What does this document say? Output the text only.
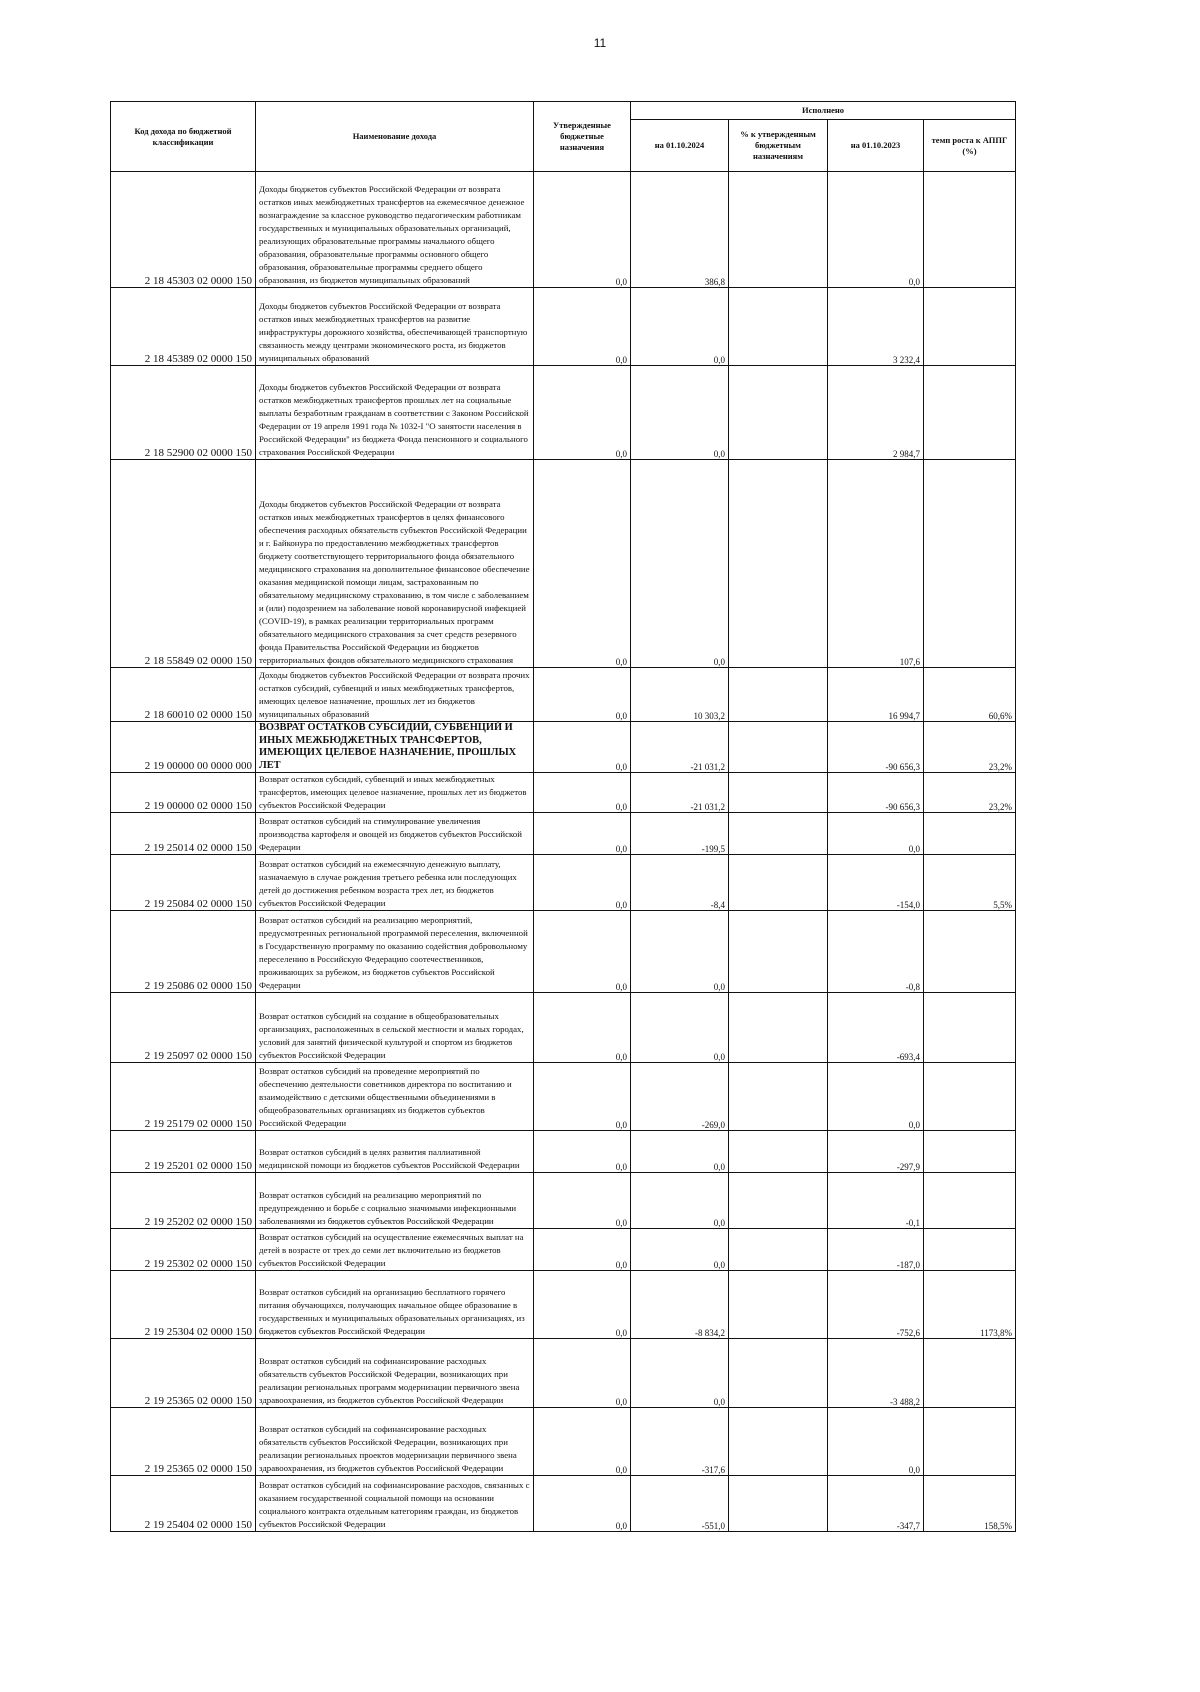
11
Код дохода по бюджетной классификации	Наименование дохода	Утвержденные бюджетные назначения	Исполнено			
			на 01.10.2024	% к утвержденным бюджетным назначениям	на 01.10.2023	темп роста к АППГ (%)
2 18 45303 02 0000 150	Доходы бюджетов субъектов Российской Федерации от возврата остатков иных межбюджетных трансфертов на ежемесячное денежное вознаграждение за классное руководство педагогическим работникам государственных и муниципальных образовательных организаций, реализующих образовательные программы начального общего образования, образовательные программы основного общего образования, образовательные программы среднего общего образования, из бюджетов муниципальных образований	0,0	386,8		0,0	
2 18 45389 02 0000 150	Доходы бюджетов субъектов Российской Федерации от возврата остатков иных межбюджетных трансфертов на развитие инфраструктуры дорожного хозяйства, обеспечивающей транспортную связанность между центрами экономического роста, из бюджетов муниципальных образований	0,0	0,0		3 232,4	
2 18 52900 02 0000 150	Доходы бюджетов субъектов Российской Федерации от возврата остатков межбюджетных трансфертов прошлых лет на социальные выплаты безработным гражданам в соответствии с Законом Российской Федерации от 19 апреля 1991 года № 1032-I "О занятости населения в Российской Федерации" из бюджета Фонда пенсионного и социального страхования Российской Федерации	0,0	0,0		2 984,7	
2 18 55849 02 0000 150	Доходы бюджетов субъектов Российской Федерации от возврата остатков иных межбюджетных трансфертов в целях финансового обеспечения расходных обязательств субъектов Российской Федерации и г. Байконура по предоставлению межбюджетных трансфертов бюджету соответствующего территориального фонда обязательного медицинского страхования на дополнительное финансовое обеспечение оказания медицинской помощи лицам, застрахованным по обязательному медицинскому страхованию, в том числе с заболеванием и (или) подозрением на заболевание новой коронавирусной инфекцией (COVID-19), в рамках реализации территориальных программ обязательного медицинского страхования за счет средств резервного фонда Правительства Российской Федерации из бюджетов территориальных фондов обязательного медицинского страхования	0,0	0,0		107,6	
2 18 60010 02 0000 150	Доходы бюджетов субъектов Российской Федерации от возврата прочих остатков субсидий, субвенций и иных межбюджетных трансфертов, имеющих целевое назначение, прошлых лет из бюджетов муниципальных образований	0,0	10 303,2		16 994,7	60,6%
2 19 00000 00 0000 000	ВОЗВРАТ ОСТАТКОВ СУБСИДИЙ, СУБВЕНЦИЙ И ИНЫХ МЕЖБЮДЖЕТНЫХ ТРАНСФЕРТОВ, ИМЕЮЩИХ ЦЕЛЕВОЕ НАЗНАЧЕНИЕ, ПРОШЛЫХ ЛЕТ	0,0	-21 031,2		-90 656,3	23,2%
2 19 00000 02 0000 150	Возврат остатков субсидий, субвенций и иных межбюджетных трансфертов, имеющих целевое назначение, прошлых лет из бюджетов субъектов Российской Федерации	0,0	-21 031,2		-90 656,3	23,2%
2 19 25014 02 0000 150	Возврат остатков субсидий на стимулирование увеличения производства картофеля и овощей из бюджетов субъектов Российской Федерации	0,0	-199,5		0,0	
2 19 25084 02 0000 150	Возврат остатков субсидий на ежемесячную денежную выплату, назначаемую в случае рождения третьего ребенка или последующих детей до достижения ребенком возраста трех лет, из бюджетов субъектов Российской Федерации	0,0	-8,4		-154,0	5,5%
2 19 25086 02 0000 150	Возврат остатков субсидий на реализацию мероприятий, предусмотренных региональной программой переселения, включенной в Государственную программу по оказанию содействия добровольному переселению в Российскую Федерацию соотечественников, проживающих за рубежом, из бюджетов субъектов Российской Федерации	0,0	0,0		-0,8	
2 19 25097 02 0000 150	Возврат остатков субсидий на создание в общеобразовательных организациях, расположенных в сельской местности и малых городах, условий для занятий физической культурой и спортом из бюджетов субъектов Российской Федерации	0,0	0,0		-693,4	
2 19 25179 02 0000 150	Возврат остатков субсидий на проведение мероприятий по обеспечению деятельности советников директора по воспитанию и взаимодействию с детскими общественными объединениями в общеобразовательных организациях из бюджетов субъектов Российской Федерации	0,0	-269,0		0,0	
2 19 25201 02 0000 150	Возврат остатков субсидий в целях развития паллиативной медицинской помощи из бюджетов субъектов Российской Федерации	0,0	0,0		-297,9	
2 19 25202 02 0000 150	Возврат остатков субсидий на реализацию мероприятий по предупреждению и борьбе с социально значимыми инфекционными заболеваниями из бюджетов субъектов Российской Федерации	0,0	0,0		-0,1	
2 19 25302 02 0000 150	Возврат остатков субсидий на осуществление ежемесячных выплат на детей в возрасте от трех до семи лет включительно из бюджетов субъектов Российской Федерации	0,0	0,0		-187,0	
2 19 25304 02 0000 150	Возврат остатков субсидий на организацию бесплатного горячего питания обучающихся, получающих начальное общее образование в государственных и муниципальных образовательных организациях, из бюджетов субъектов Российской Федерации	0,0	-8 834,2		-752,6	1173,8%
2 19 25365 02 0000 150	Возврат остатков субсидий на софинансирование расходных обязательств субъектов Российской Федерации, возникающих при реализации региональных программ модернизации первичного звена здравоохранения, из бюджетов субъектов Российской Федерации	0,0	0,0		-3 488,2	
2 19 25365 02 0000 150	Возврат остатков субсидий на софинансирование расходных обязательств субъектов Российской Федерации, возникающих при реализации региональных проектов модернизации первичного звена здравоохранения, из бюджетов субъектов Российской Федерации	0,0	-317,6		0,0	
2 19 25404 02 0000 150	Возврат остатков субсидий на софинансирование расходов, связанных с оказанием государственной социальной помощи на основании социального контракта отдельным категориям граждан, из бюджетов субъектов Российской Федерации	0,0	-551,0		-347,7	158,5%
